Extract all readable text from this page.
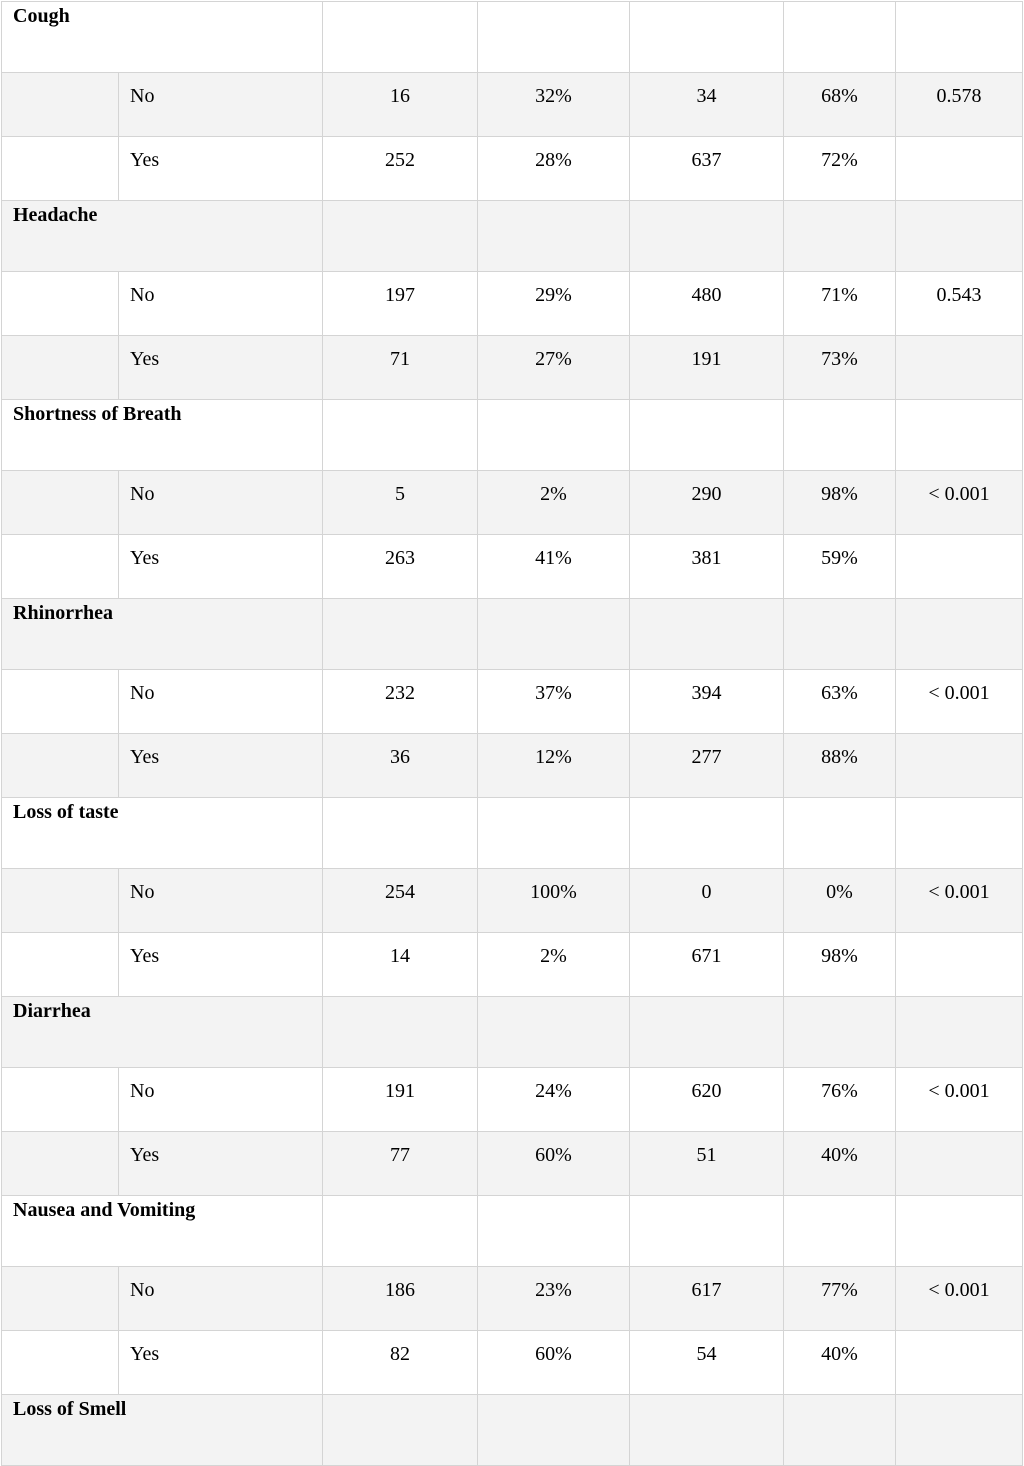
Cough						
	No	16	32%	34	68%	0.578
	Yes	252	28%	637	72%	
Headache						
	No	197	29%	480	71%	0.543
	Yes	71	27%	191	73%	
Shortness of Breath						
	No	5	2%	290	98%	< 0.001
	Yes	263	41%	381	59%	
Rhinorrhea						
	No	232	37%	394	63%	< 0.001
	Yes	36	12%	277	88%	
Loss of taste						
	No	254	100%	0	0%	< 0.001
	Yes	14	2%	671	98%	
Diarrhea						
	No	191	24%	620	76%	< 0.001
	Yes	77	60%	51	40%	
Nausea and Vomiting						
	No	186	23%	617	77%	< 0.001
	Yes	82	60%	54	40%	
Loss of Smell						
